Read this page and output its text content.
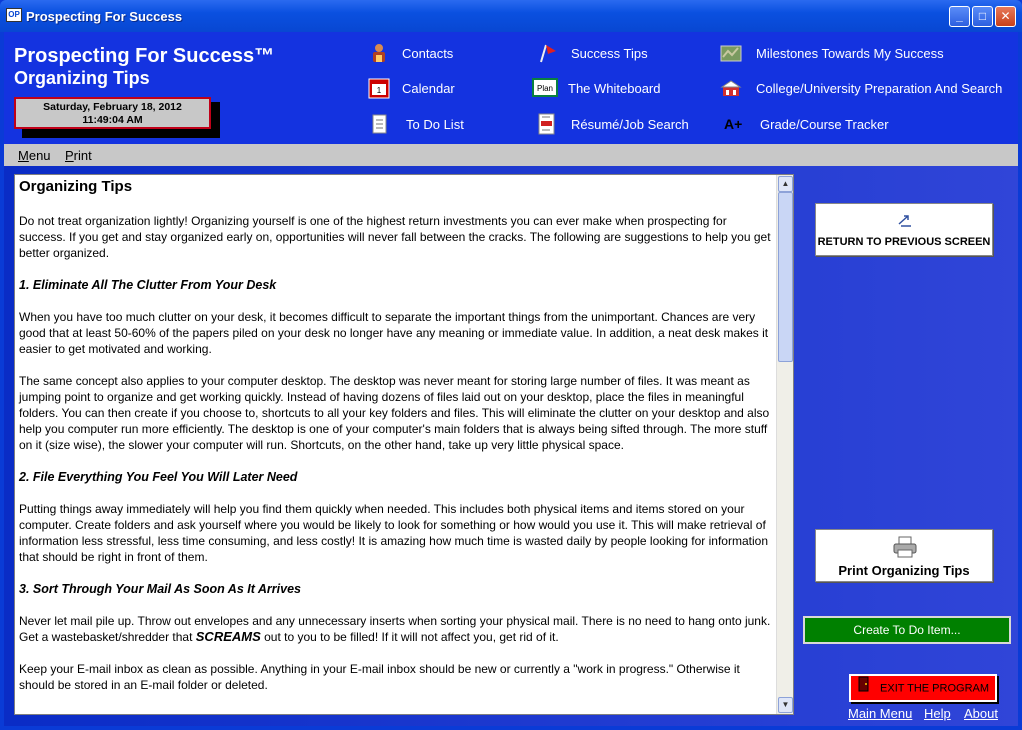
OP Prospecting For Success	_	□	✕
Prospecting For Success™
Organizing Tips
Saturday, February 18, 2012
11:49:04 AM
Contacts
1 Calendar
To Do List
Success Tips
Plan The Whiteboard
Résumé/Job Search
Milestones Towards My Success
College/University Preparation And Search
A+	Grade/Course Tracker
Menu Print
Organizing Tips

Do not treat organization lightly! Organizing yourself is one of the highest return investments you can ever make when prospecting for success. If you get and stay organized early on, opportunities will never fall between the cracks. The following are suggestions to help you get better organized.

1. Eliminate All The Clutter From Your Desk

When you have too much clutter on your desk, it becomes difficult to separate the important things from the unimportant. Chances are very good that at least 50-60% of the papers piled on your desk no longer have any meaning or immediate value. In addition, a neat desk makes it easier to get motivated and working.

The same concept also applies to your computer desktop. The desktop was never meant for storing large number of files. It was meant as jumping point to organize and get working quickly. Instead of having dozens of files laid out on your desktop, place the files in meaningful folders. You can then create if you choose to, shortcuts to all your key folders and files. This will eliminate the clutter on your desktop and also help you computer run more efficiently. The desktop is one of your computer's main folders that is always being sifted through. The more stuff on it (size wise), the slower your computer will run. Shortcuts, on the other hand, take up very little physical space.

2. File Everything You Feel You Will Later Need

Putting things away immediately will help you find them quickly when needed. This includes both physical items and items stored on your computer. Create folders and ask yourself where you would be likely to look for something or how would you use it. This will make retrieval of information less stressful, less time consuming, and less costly! It is amazing how much time is wasted daily by people looking for information that should be right in front of them.

3. Sort Through Your Mail As Soon As It Arrives

Never let mail pile up. Throw out envelopes and any unnecessary inserts when sorting your physical mail. There is no need to hang onto junk. Get a wastebasket/shredder that SCREAMS out to you to be filled! If it will not affect you, get rid of it.

Keep your E-mail inbox as clean as possible. Anything in your E-mail inbox should be new or currently a "work in progress." Otherwise it should be stored in an E-mail folder or deleted.

▲
▼
RETURN TO PREVIOUS SCREEN
Print Organizing Tips
Create To Do Item...
EXIT THE PROGRAM
Main Menu Help About
